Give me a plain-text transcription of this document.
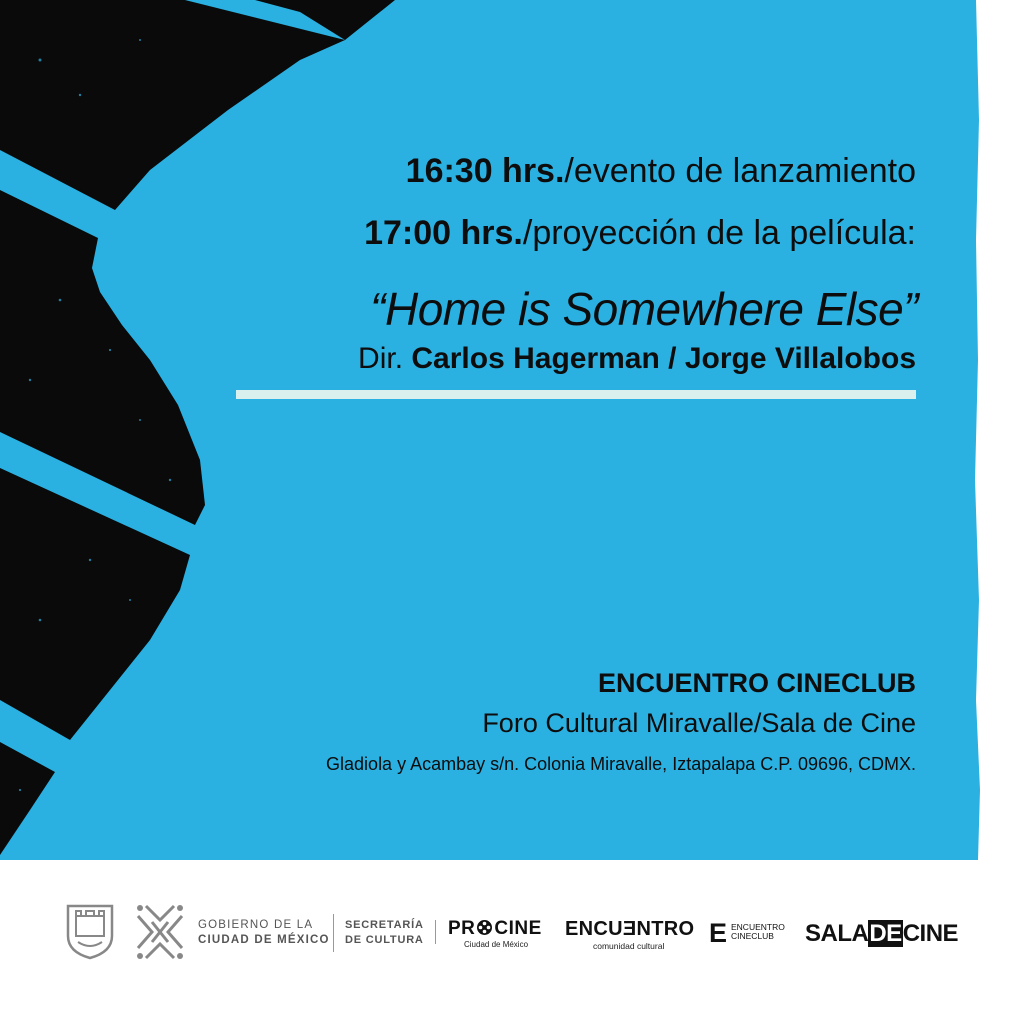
16:30 hrs./evento de lanzamiento
17:00 hrs./proyección de la película:
“Home is Somewhere Else”
Dir. Carlos Hagerman / Jorge Villalobos
ENCUENTRO CINECLUB
Foro Cultural Miravalle/Sala de Cine
Gladiola y Acambay s/n. Colonia Miravalle, Iztapalapa C.P. 09696, CDMX.
GOBIERNO DE LA
CIUDAD DE MÉXICO
SECRETARÍA
DE CULTURA
PR CINE
Ciudad de México
ENCUƎNTRO
comunidad cultural E ENCUENTRO
CINECLUB	SALADECINE
